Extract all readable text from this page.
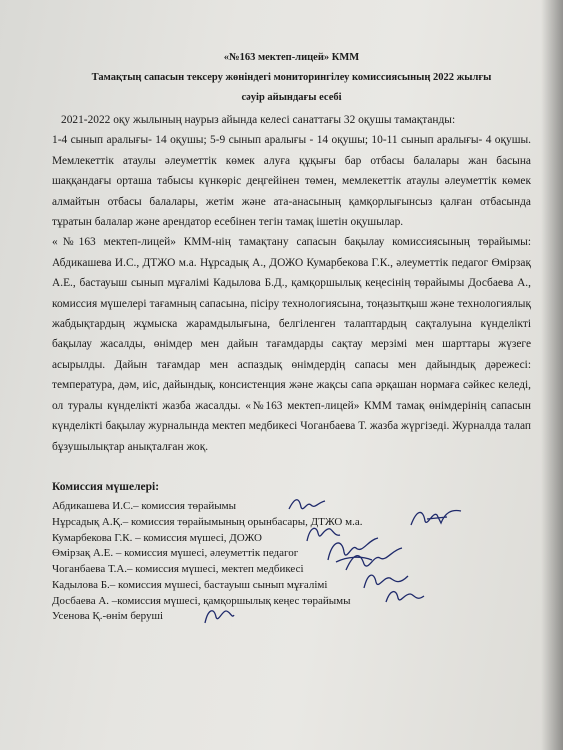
«№163 мектеп-лицей» КММ

Тамақтың сапасын тексеру жөніндегі мониторингілеу комиссиясының 2022 жылғы

сәуір айындағы есебі

2021-2022 оқу жылының наурыз айында келесі санаттағы 32 оқушы тамақтанды:

1-4 сынып аралығы- 14 оқушы; 5-9 сынып аралығы - 14 оқушы; 10-11 сынып аралығы- 4 оқушы. Мемлекеттік атаулы әлеуметтік көмек алуға құқығы бар отбасы балалары жан басына шаққандағы орташа табысы күнкөріс деңгейінен төмен, мемлекеттік атаулы әлеуметтік көмек алмайтын отбасы балалары, жетім және ата-анасының қамқорлығынсыз қалған отбасында тұратын балалар және арендатор есебінен тегін тамақ ішетін оқушылар.

«№163 мектеп-лицей» КММ-нің тамақтану сапасын бақылау комиссиясының төрайымы: Абдикашева И.С., ДТЖО м.а. Нұрсадық А., ДОЖО Кумарбекова Г.К., әлеуметтік педагог Өмірзақ А.Е., бастауыш сынып мұғалімі Кадылова Б.Д., қамқоршылық кеңесінің төрайымы Досбаева А., комиссия мүшелері тағамның сапасына, пісіру технологиясына, тоңазытқыш және технологиялық жабдықтардың жұмыска жарамдылығына, белгіленген талаптардың сақталуына күнделікті бақылау жасалды, өнімдер мен дайын тағамдарды сақтау мерзімі мен шарттары жүзеге асырылды. Дайын тағамдар мен аспаздық өнімдердің сапасы мен дайындық дәрежесі: температура, дәм, иіс, дайындық, консистенция және жақсы сапа әрқашан нормаға сәйкес келеді, ол туралы күнделікті жазба жасалды. «№163 мектеп-лицей» КММ тамақ өнімдерінің сапасын күнделікті бақылау журналында мектеп медбикесі Чоганбаева Т. жазба жүргізеді. Журналда талап бұзушылықтар анықталған жоқ.

Комиссия мүшелері:

Абдикашева И.С.– комиссия төрайымы
Нұрсадық А.Қ.– комиссия төрайымының орынбасары, ДТЖО м.а.
Кумарбекова Г.К. – комиссия мүшесі, ДОЖО
Өмірзақ А.Е. – комиссия мүшесі, әлеуметтік педагог
Чоганбаева Т.А.– комиссия мүшесі, мектеп медбикесі
Кадылова Б.– комиссия мүшесі, бастауыш сынып мұғалімі
Досбаева А. –комиссия мүшесі, қамқоршылық кеңес төрайымы
Усенова Қ.-өнім беруші
